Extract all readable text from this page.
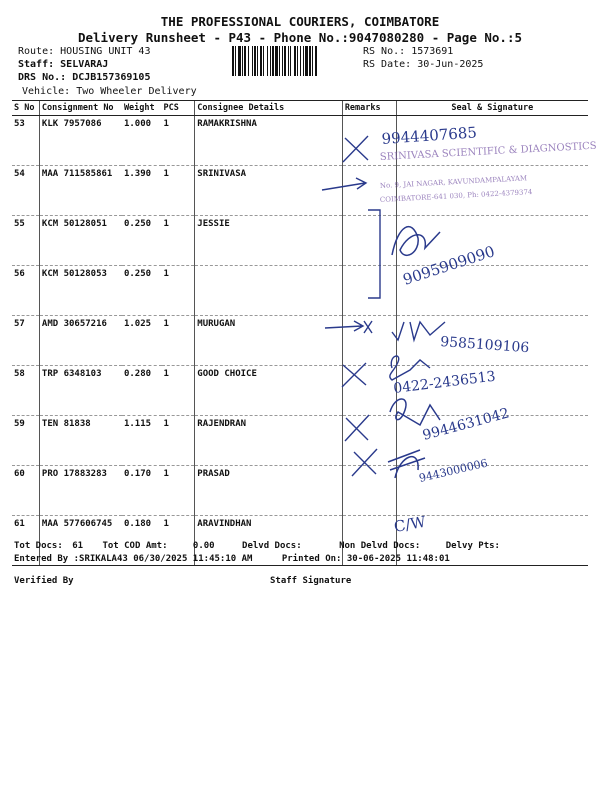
THE PROFESSIONAL COURIERS, COIMBATORE
Delivery Runsheet - P43 - Phone No.:9047080280 - Page No.:5
Route: HOUSING UNIT 43
Staff: SELVARAJ
DRS No.: DCJB157369105
Vehicle: Two Wheeler Delivery
RS No.: 1573691
RS Date: 30-Jun-2025
S No	Consignment No	Weight	PCS	Consignee Details	Remarks	Seal & Signature
53	KLK 7957086	1.000	1	RAMAKRISHNA		
54	MAA 711585861	1.390	1	SRINIVASA		
55	KCM 50128051	0.250	1	JESSIE		
56	KCM 50128053	0.250	1			
57	AMD 30657216	1.025	1	MURUGAN		
58	TRP 6348103	0.280	1	GOOD CHOICE		
59	TEN 81838	1.115	1	RAJENDRAN		
60	PRO 17883283	0.170	1	PRASAD		
61	MAA 577606745	0.180	1	ARAVINDHAN		
9944407685
9095909090
9585109106
0422-2436513
9944631042
9443000006
C/W
SRINIVASA SCIENTIFIC & DIAGNOSTICS
No. 9, JAI NAGAR, KAVUNDAMPALAYAM
COIMBATORE-641 030, Ph: 0422-4379374
Tot Docs: 61 Tot COD Amt:	0.00	Delvd Docs:	Non Delvd Docs:	Delvy Pts:
Entered By :SRIKALA43 06/30/2025 11:45:10 AM	Printed On: 30-06-2025 11:48:01
Verified By	Staff Signature
